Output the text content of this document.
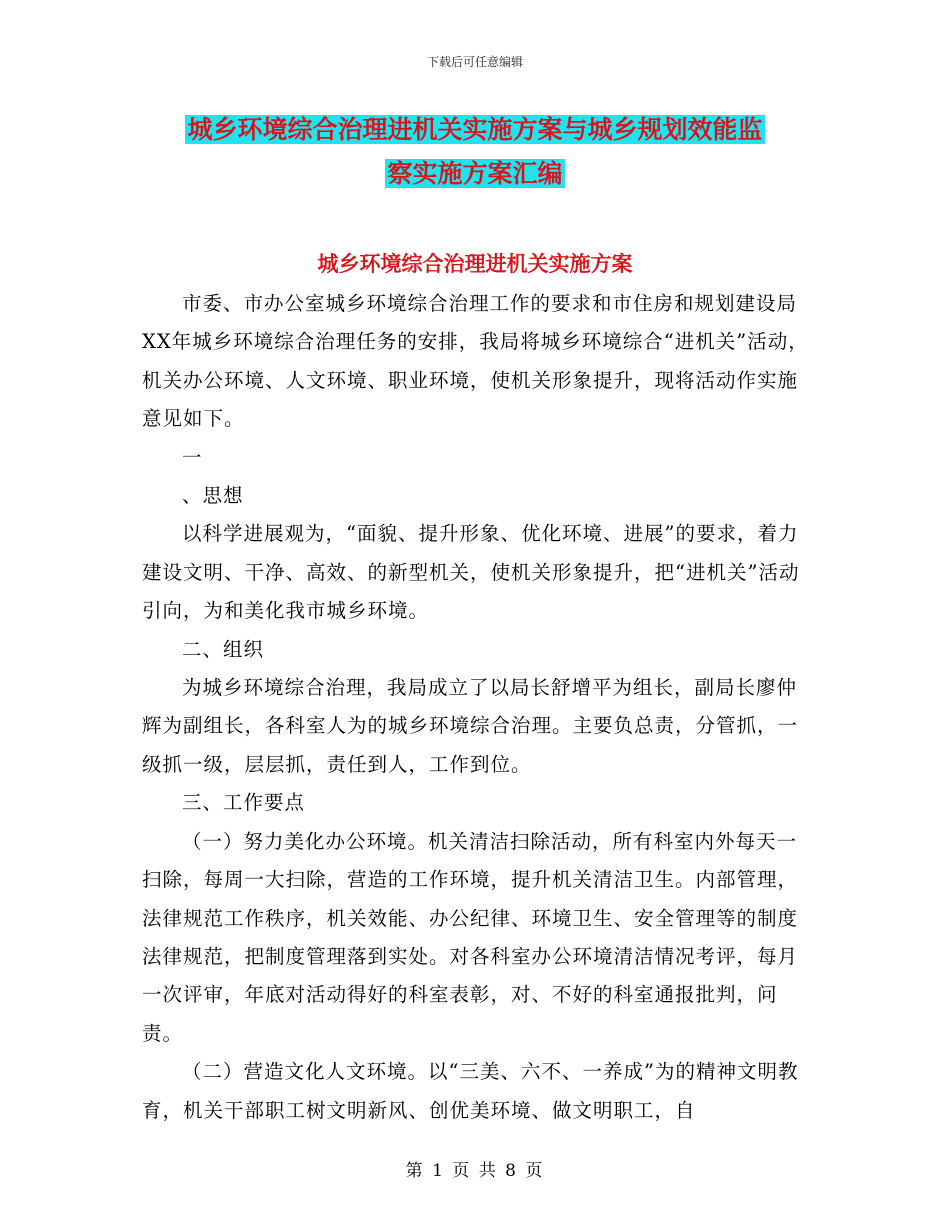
下载后可任意编辑
城乡环境综合治理进机关实施方案与城乡规划效能监
察实施方案汇编
城乡环境综合治理进机关实施方案

市委、市办公室城乡环境综合治理工作的要求和市住房和规划建设局XX年城乡环境综合治理任务的安排，我局将城乡环境综合“进机关”活动，机关办公环境、人文环境、职业环境，使机关形象提升，现将活动作实施意见如下。

一

、思想

以科学进展观为，“面貌、提升形象、优化环境、进展”的要求，着力建设文明、干净、高效、的新型机关，使机关形象提升，把“进机关”活动引向，为和美化我市城乡环境。

二、组织

为城乡环境综合治理，我局成立了以局长舒增平为组长，副局长廖仲辉为副组长，各科室人为的城乡环境综合治理。主要负总责，分管抓，一级抓一级，层层抓，责任到人，工作到位。

三、工作要点

（一）努力美化办公环境。机关清洁扫除活动，所有科室内外每天一扫除，每周一大扫除，营造的工作环境，提升机关清洁卫生。内部管理，法律规范工作秩序，机关效能、办公纪律、环境卫生、安全管理等的制度法律规范，把制度管理落到实处。对各科室办公环境清洁情况考评，每月一次评审，年底对活动得好的科室表彰，对、不好的科室通报批判，问责。

（二）营造文化人文环境。以“三美、六不、一养成”为的精神文明教育，机关干部职工树文明新风、创优美环境、做文明职工，自

第 1 页 共 8 页
